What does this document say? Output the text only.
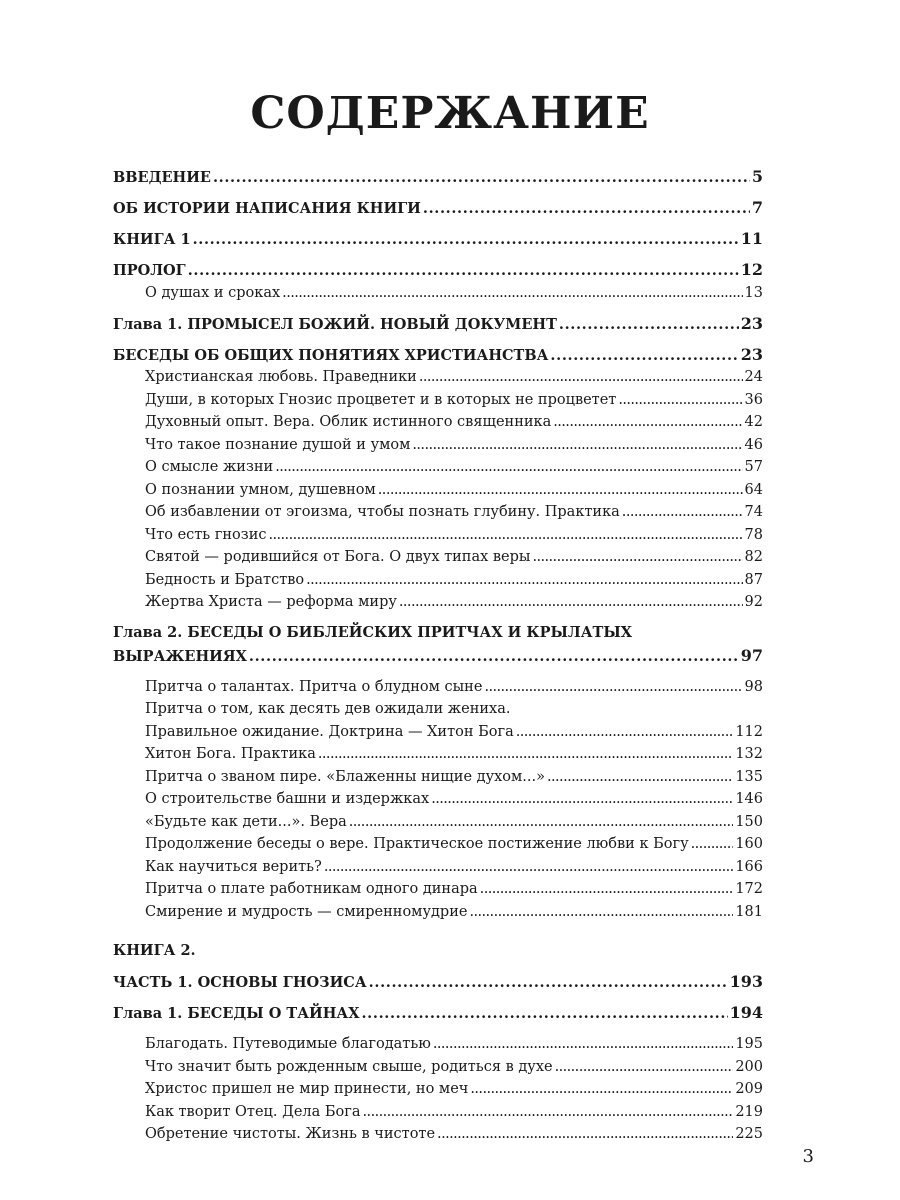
СОДЕРЖАНИЕ
ВВЕДЕНИЕ . . .	5
ОБ ИСТОРИИ НАПИСАНИЯ КНИГИ . . .	7
КНИГА 1 . . .	11
ПРОЛОГ . . .	12
О душах и сроках . . .	13
Глава 1. ПРОМЫСЕЛ БОЖИЙ. НОВЫЙ ДОКУМЕНТ . . .	23
БЕСЕДЫ ОБ ОБЩИХ ПОНЯТИЯХ ХРИСТИАНСТВА . . .	23
Христианская любовь. Праведники . . .	24
Души, в которых Гнозис процветет и в которых не процветет . . .	36
Духовный опыт. Вера. Облик истинного священника . . .	42
Что такое познание душой и умом . . .	46
О смысле жизни . . .	57
О познании умном, душевном . . .	64
Об избавлении от эгоизма, чтобы познать глубину. Практика . . .	74
Что есть гнозис . . .	78
Святой — родившийся от Бога. О двух типах веры . . .	82
Бедность и Братство . . .	87
Жертва Христа — реформа миру . . .	92
Глава 2. БЕСЕДЫ О БИБЛЕЙСКИХ ПРИТЧАХ И КРЫЛАТЫХ
ВЫРАЖЕНИЯХ . . .	97
Притча о талантах. Притча о блудном сыне . . .	98
Притча о том, как десять дев ожидали жениха.
Правильное ожидание. Доктрина — Хитон Бога . . .	112
Хитон Бога. Практика . . .	132
Притча о званом пире. «Блаженны нищие духом...» . . .	135
О строительстве башни и издержках . . .	146
«Будьте как дети...». Вера . . .	150
Продолжение беседы о вере. Практическое постижение любви к Богу . . .	160
Как научиться верить? . . .	166
Притча о плате работникам одного динара . . .	172
Смирение и мудрость — смиренномудрие . . .	181
КНИГА 2.
ЧАСТЬ 1. ОСНОВЫ ГНОЗИСА . . .	193
Глава 1. БЕСЕДЫ О ТАЙНАХ . . .	194
Благодать. Путеводимые благодатью . . .	195
Что значит быть рожденным свыше, родиться в духе . . .	200
Христос пришел не мир принести, но меч . . .	209
Как творит Отец. Дела Бога . . .	219
Обретение чистоты. Жизнь в чистоте . . .	225
3
